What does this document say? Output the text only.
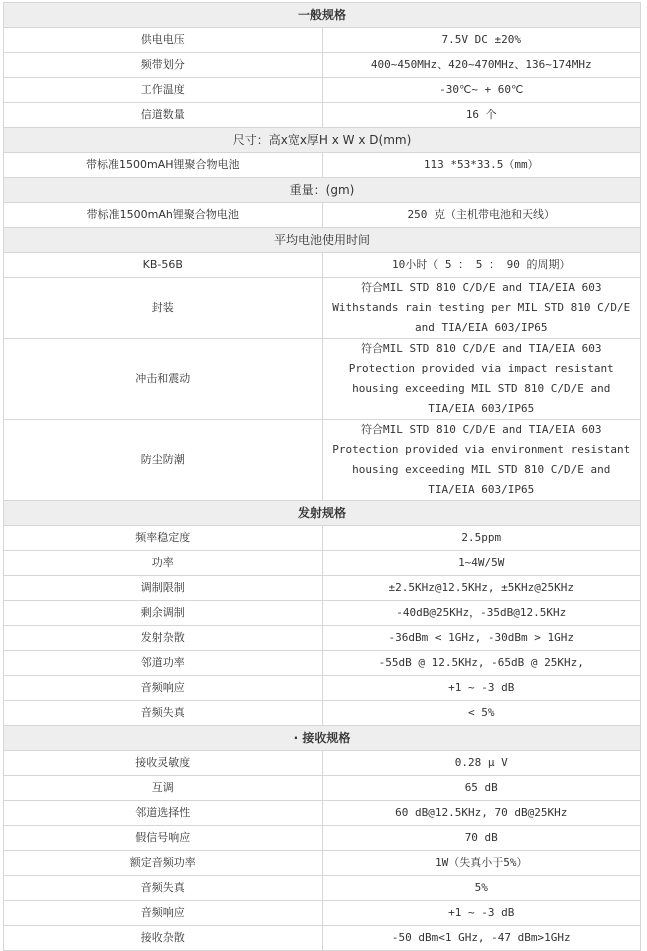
一般规格	
供电电压	7.5V DC ±20%
频带划分	400~450MHz、420~470MHz、136~174MHz
工作温度	-30℃~ + 60℃
信道数量	16 个
尺寸：高x宽x厚H x W x D(mm)	
带标准1500mAH锂聚合物电池	113 *53*33.5（mm）
重量：(gm)	
带标准1500mAh锂聚合物电池	250 克（主机带电池和天线）
平均电池使用时间	
KB-56B	10小时（ 5 ： 5 ： 90 的周期）
封装	符合MIL STD 810 C/D/E and TIA/EIA 603 Withstands rain testing per MIL STD 810 C/D/E and TIA/EIA 603/IP65
冲击和震动	符合MIL STD 810 C/D/E and TIA/EIA 603 Protection provided via impact resistant housing exceeding MIL STD 810 C/D/E and TIA/EIA 603/IP65
防尘防潮	符合MIL STD 810 C/D/E and TIA/EIA 603 Protection provided via environment resistant housing exceeding MIL STD 810 C/D/E and TIA/EIA 603/IP65
发射规格	
频率稳定度	2.5ppm
功率	1~4W/5W
调制限制	±2.5KHz@12.5KHz, ±5KHz@25KHz
剩余调制	-40dB@25KHz，-35dB@12.5KHz
发射杂散	-36dBm < 1GHz, -30dBm > 1GHz
邻道功率	-55dB @ 12.5KHz, -65dB @ 25KHz,
音频响应	+1 ~ -3 dB
音频失真	< 5%
· 接收规格	
接收灵敏度	0.28 μ V
互调	65 dB
邻道选择性	60 dB@12.5KHz, 70 dB@25KHz
假信号响应	70 dB
额定音频功率	1W（失真小于5%）
音频失真	5%
音频响应	+1 ~ -3 dB
接收杂散	-50 dBm<1 GHz, -47 dBm>1GHz
